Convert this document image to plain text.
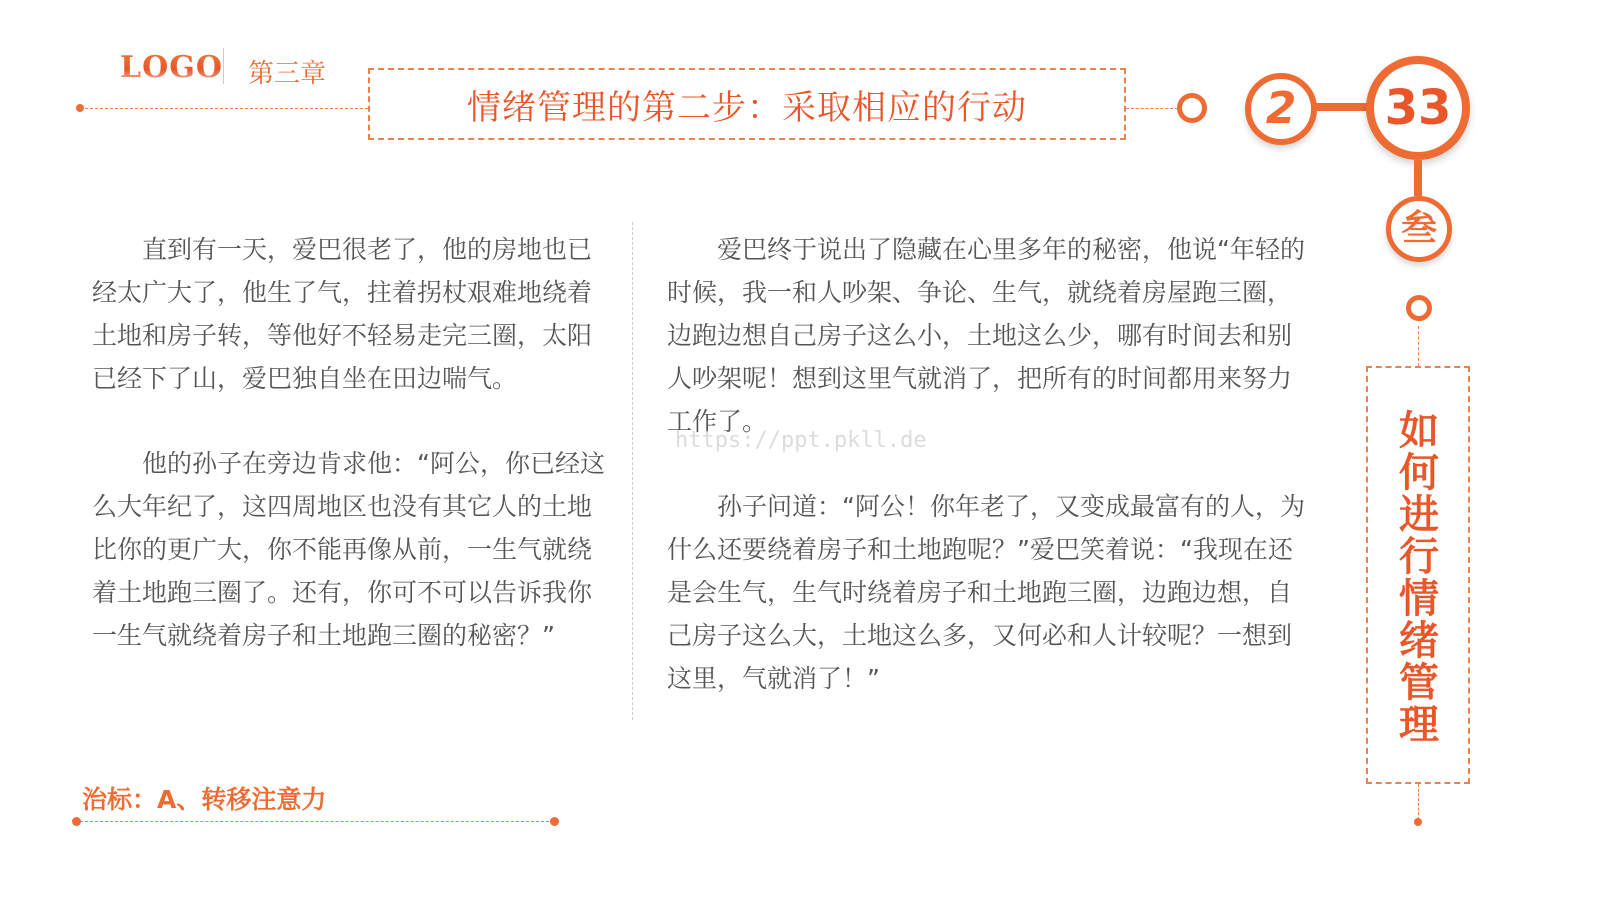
LOGO 第三章
情绪管理的第二步：采取相应的行动	2 33
叁
如何进行情绪管理

直到有一天，爱巴很老了，他的房地也已经太广大了，他生了气，拄着拐杖艰难地绕着土地和房子转，等他好不轻易走完三圈，太阳已经下了山，爱巴独自坐在田边喘气。

他的孙子在旁边肯求他：“阿公，你已经这么大年纪了，这四周地区也没有其它人的土地比你的更广大，你不能再像从前，一生气就绕着土地跑三圈了。还有，你可不可以告诉我你一生气就绕着房子和土地跑三圈的秘密？”

爱巴终于说出了隐藏在心里多年的秘密，他说“年轻的时候，我一和人吵架、争论、生气，就绕着房屋跑三圈，边跑边想自己房子这么小，土地这么少，哪有时间去和别人吵架呢！想到这里气就消了，把所有的时间都用来努力工作了。

孙子问道：“阿公！你年老了，又变成最富有的人，为什么还要绕着房子和土地跑呢？”爱巴笑着说：“我现在还是会生气，生气时绕着房子和土地跑三圈，边跑边想，自己房子这么大，土地这么多，又何必和人计较呢？一想到这里，气就消了！”

https://ppt.pkll.de
治标：A、转移注意力
